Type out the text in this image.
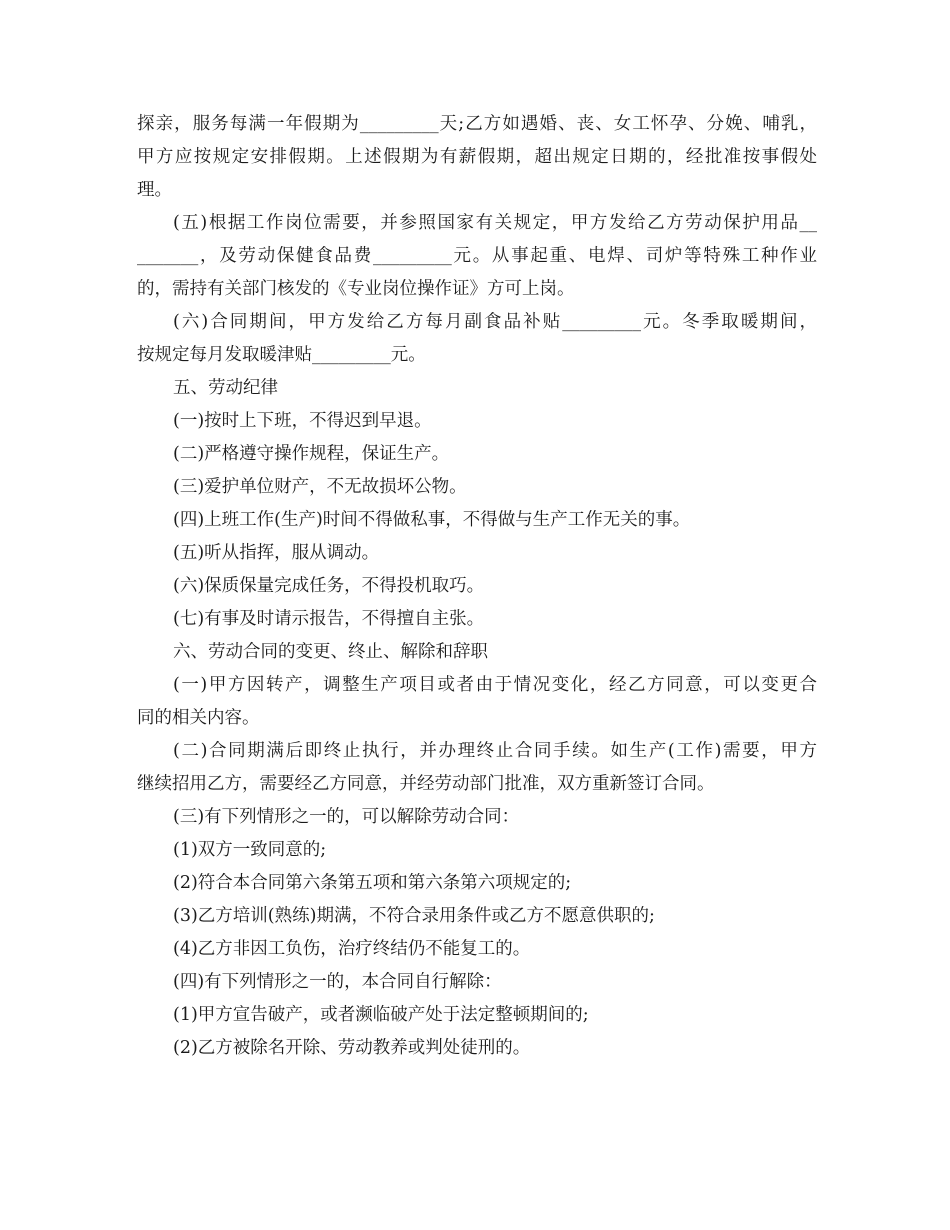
探亲，服务每满一年假期为_________天;乙方如遇婚、丧、女工怀孕、分娩、哺乳，
甲方应按规定安排假期。上述假期为有薪假期，超出规定日期的，经批准按事假处
理。
(五)根据工作岗位需要，并参照国家有关规定，甲方发给乙方劳动保护用品__
_______，及劳动保健食品费_________元。从事起重、电焊、司炉等特殊工种作业
的，需持有关部门核发的《专业岗位操作证》方可上岗。
(六)合同期间，甲方发给乙方每月副食品补贴_________元。冬季取暖期间，
按规定每月发取暖津贴_________元。
五、劳动纪律
(一)按时上下班，不得迟到早退。
(二)严格遵守操作规程，保证生产。
(三)爱护单位财产，不无故损坏公物。
(四)上班工作(生产)时间不得做私事，不得做与生产工作无关的事。
(五)听从指挥，服从调动。
(六)保质保量完成任务，不得投机取巧。
(七)有事及时请示报告，不得擅自主张。
六、劳动合同的变更、终止、解除和辞职
(一)甲方因转产，调整生产项目或者由于情况变化，经乙方同意，可以变更合
同的相关内容。
(二)合同期满后即终止执行，并办理终止合同手续。如生产(工作)需要，甲方
继续招用乙方，需要经乙方同意，并经劳动部门批准，双方重新签订合同。
(三)有下列情形之一的，可以解除劳动合同：
(1)双方一致同意的;
(2)符合本合同第六条第五项和第六条第六项规定的;
(3)乙方培训(熟练)期满，不符合录用条件或乙方不愿意供职的;
(4)乙方非因工负伤，治疗终结仍不能复工的。
(四)有下列情形之一的，本合同自行解除：
(1)甲方宣告破产，或者濒临破产处于法定整顿期间的;
(2)乙方被除名开除、劳动教养或判处徒刑的。
